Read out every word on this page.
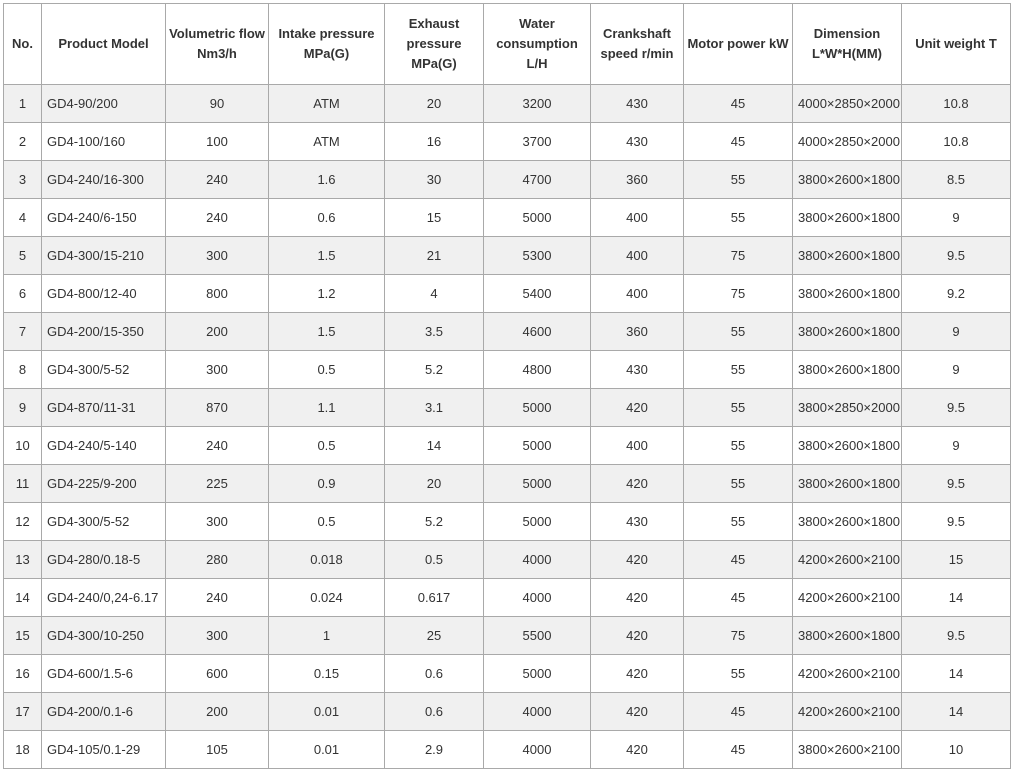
No.	Product Model	Volumetric flow Nm3/h	Intake pressure MPa(G)	Exhaust pressure MPa(G)	Water consumption L/H	Crankshaft speed r/min	Motor power kW	Dimension L*W*H(MM)	Unit weight T
1	GD4-90/200	90	ATM	20	3200	430	45	4000×2850×2000	10.8
2	GD4-100/160	100	ATM	16	3700	430	45	4000×2850×2000	10.8
3	GD4-240/16-300	240	1.6	30	4700	360	55	3800×2600×1800	8.5
4	GD4-240/6-150	240	0.6	15	5000	400	55	3800×2600×1800	9
5	GD4-300/15-210	300	1.5	21	5300	400	75	3800×2600×1800	9.5
6	GD4-800/12-40	800	1.2	4	5400	400	75	3800×2600×1800	9.2
7	GD4-200/15-350	200	1.5	3.5	4600	360	55	3800×2600×1800	9
8	GD4-300/5-52	300	0.5	5.2	4800	430	55	3800×2600×1800	9
9	GD4-870/11-31	870	1.1	3.1	5000	420	55	3800×2850×2000	9.5
10	GD4-240/5-140	240	0.5	14	5000	400	55	3800×2600×1800	9
11	GD4-225/9-200	225	0.9	20	5000	420	55	3800×2600×1800	9.5
12	GD4-300/5-52	300	0.5	5.2	5000	430	55	3800×2600×1800	9.5
13	GD4-280/0.18-5	280	0.018	0.5	4000	420	45	4200×2600×2100	15
14	GD4-240/0,24-6.17	240	0.024	0.617	4000	420	45	4200×2600×2100	14
15	GD4-300/10-250	300	1	25	5500	420	75	3800×2600×1800	9.5
16	GD4-600/1.5-6	600	0.15	0.6	5000	420	55	4200×2600×2100	14
17	GD4-200/0.1-6	200	0.01	0.6	4000	420	45	4200×2600×2100	14
18	GD4-105/0.1-29	105	0.01	2.9	4000	420	45	3800×2600×2100	10
